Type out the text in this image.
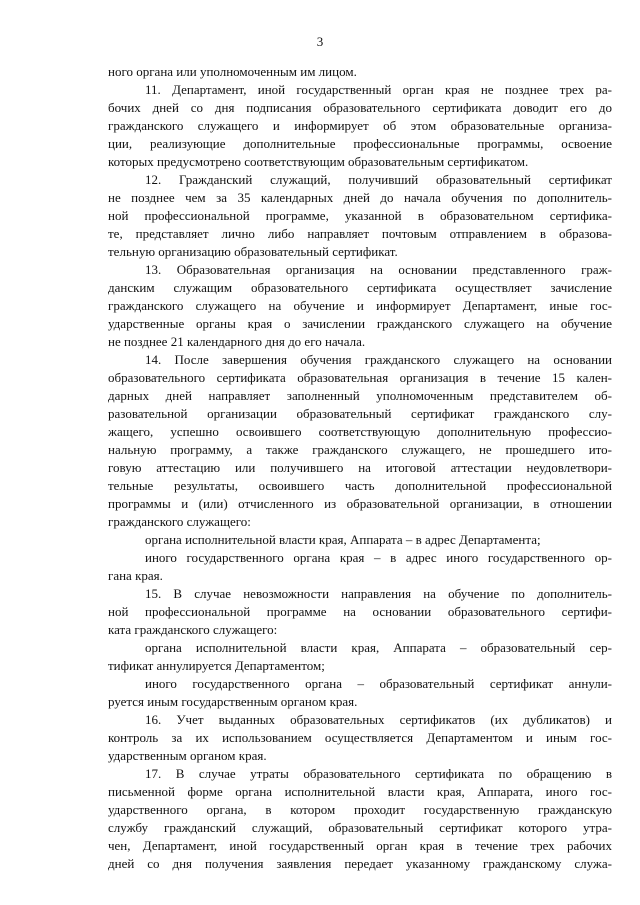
3
ного органа или уполномоченным им лицом.
11. Департамент, иной государственный орган края не позднее трех ра-
бочих дней со дня подписания образовательного сертификата доводит его до
гражданского служащего и информирует об этом образовательные организа-
ции, реализующие дополнительные профессиональные программы, освоение
которых предусмотрено соответствующим образовательным сертификатом.
12. Гражданский служащий, получивший образовательный сертификат
не позднее чем за 35 календарных дней до начала обучения по дополнитель-
ной профессиональной программе, указанной в образовательном сертифика-
те, представляет лично либо направляет почтовым отправлением в образова-
тельную организацию образовательный сертификат.
13. Образовательная организация на основании представленного граж-
данским служащим образовательного сертификата осуществляет зачисление
гражданского служащего на обучение и информирует Департамент, иные гос-
ударственные органы края о зачислении гражданского служащего на обучение
не позднее 21 календарного дня до его начала.
14. После завершения обучения гражданского служащего на основании
образовательного сертификата образовательная организация в течение 15 кален-
дарных дней направляет заполненный уполномоченным представителем об-
разовательной организации образовательный сертификат гражданского слу-
жащего, успешно освоившего соответствующую дополнительную профессио-
нальную программу, а также гражданского служащего, не прошедшего ито-
говую аттестацию или получившего на итоговой аттестации неудовлетвори-
тельные результаты, освоившего часть дополнительной профессиональной
программы и (или) отчисленного из образовательной организации, в отношении
гражданского служащего:
органа исполнительной власти края, Аппарата – в адрес Департамента;
иного государственного органа края – в адрес иного государственного ор-
гана края.
15. В случае невозможности направления на обучение по дополнитель-
ной профессиональной программе на основании образовательного сертифи-
ката гражданского служащего:
органа исполнительной власти края, Аппарата – образовательный сер-
тификат аннулируется Департаментом;
иного государственного органа – образовательный сертификат аннули-
руется иным государственным органом края.
16. Учет выданных образовательных сертификатов (их дубликатов) и
контроль за их использованием осуществляется Департаментом и иным гос-
ударственным органом края.
17. В случае утраты образовательного сертификата по обращению в
письменной форме органа исполнительной власти края, Аппарата, иного гос-
ударственного органа, в котором проходит государственную гражданскую
службу гражданский служащий, образовательный сертификат которого утра-
чен, Департамент, иной государственный орган края в течение трех рабочих
дней со дня получения заявления передает указанному гражданскому служа-
